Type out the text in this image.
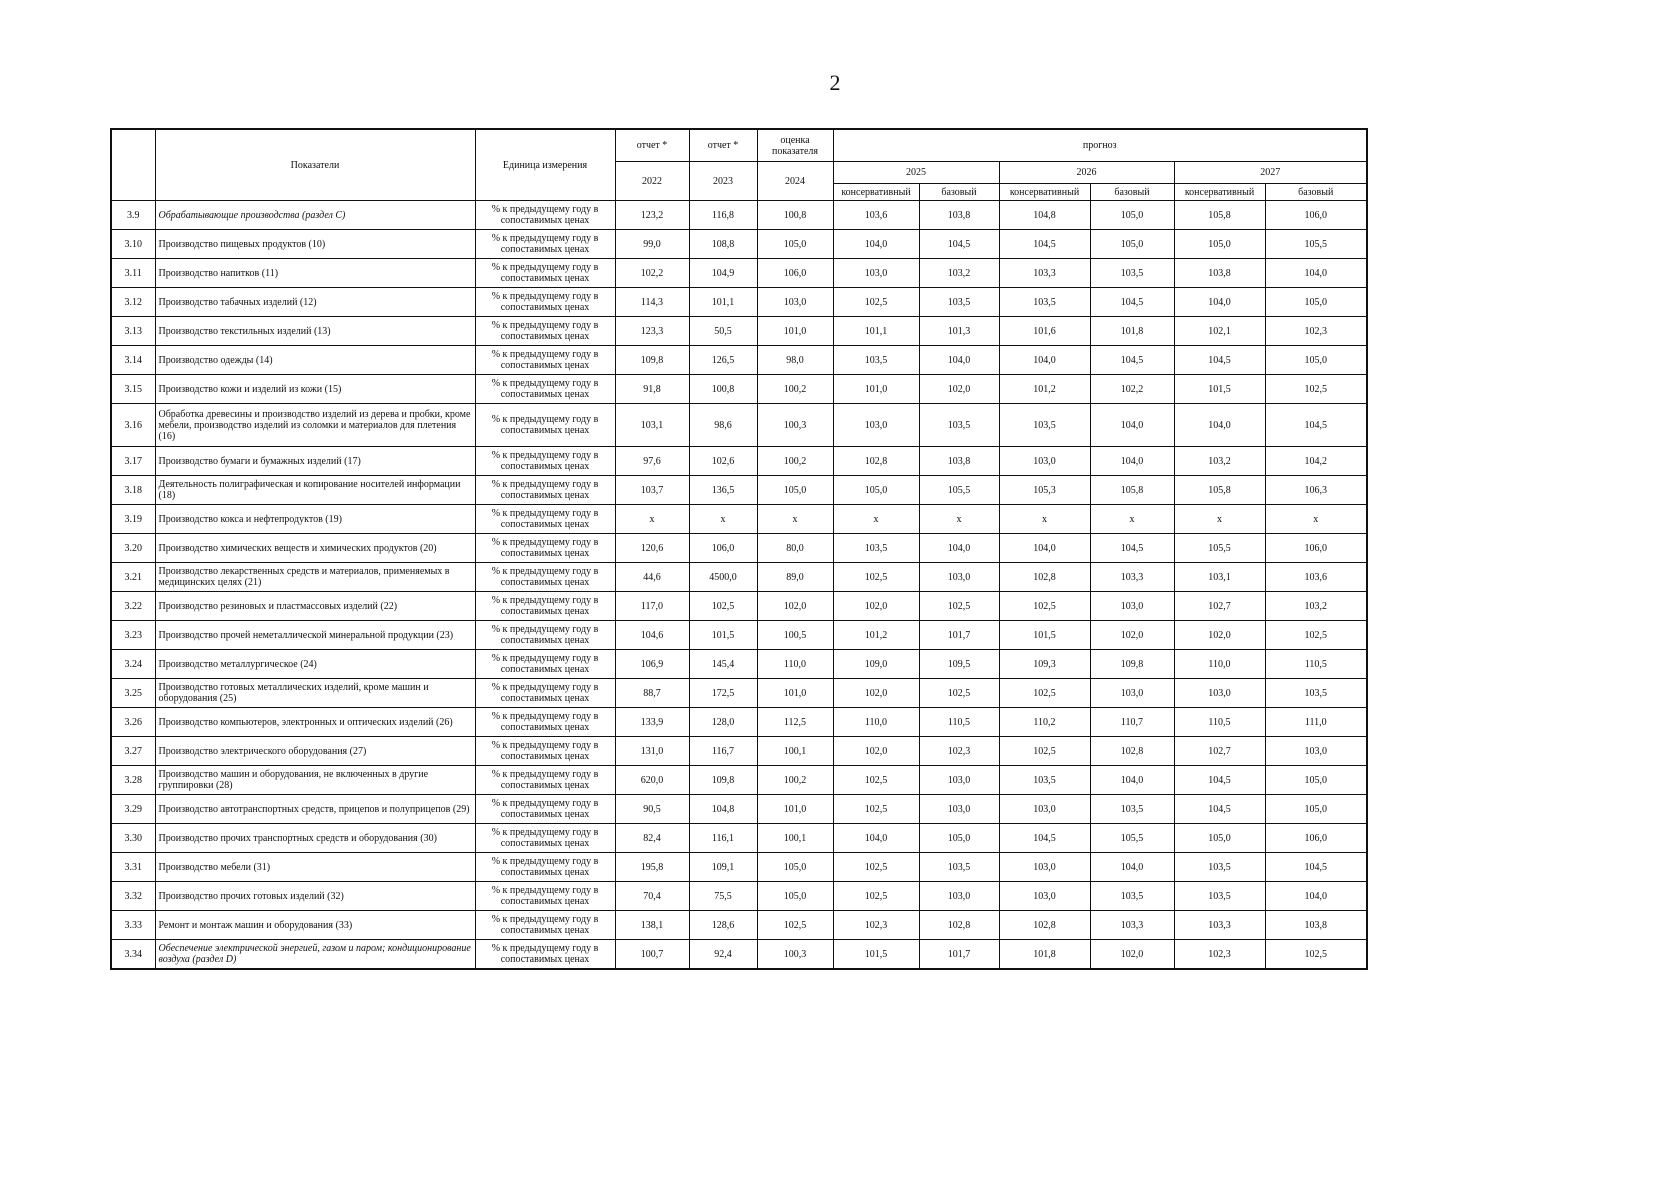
2
	Показатели	Единица измерения	отчет *	отчет *	оценка показателя	прогноз					
			2022	2023	2024	2025		2026		2027	
						консервативный	базовый	консервативный	базовый	консервативный	базовый
3.9	Обрабатывающие производства (раздел C)	% к предыдущему году в сопоставимых ценах	123,2	116,8	100,8	103,6	103,8	104,8	105,0	105,8	106,0
3.10	Производство пищевых продуктов (10)	% к предыдущему году в сопоставимых ценах	99,0	108,8	105,0	104,0	104,5	104,5	105,0	105,0	105,5
3.11	Производство напитков (11)	% к предыдущему году в сопоставимых ценах	102,2	104,9	106,0	103,0	103,2	103,3	103,5	103,8	104,0
3.12	Производство табачных изделий (12)	% к предыдущему году в сопоставимых ценах	114,3	101,1	103,0	102,5	103,5	103,5	104,5	104,0	105,0
3.13	Производство текстильных изделий (13)	% к предыдущему году в сопоставимых ценах	123,3	50,5	101,0	101,1	101,3	101,6	101,8	102,1	102,3
3.14	Производство одежды (14)	% к предыдущему году в сопоставимых ценах	109,8	126,5	98,0	103,5	104,0	104,0	104,5	104,5	105,0
3.15	Производство кожи и изделий из кожи (15)	% к предыдущему году в сопоставимых ценах	91,8	100,8	100,2	101,0	102,0	101,2	102,2	101,5	102,5
3.16	Обработка древесины и производство изделий из дерева и пробки, кроме мебели, производство изделий из соломки и материалов для плетения (16)	% к предыдущему году в сопоставимых ценах	103,1	98,6	100,3	103,0	103,5	103,5	104,0	104,0	104,5
3.17	Производство бумаги и бумажных изделий (17)	% к предыдущему году в сопоставимых ценах	97,6	102,6	100,2	102,8	103,8	103,0	104,0	103,2	104,2
3.18	Деятельность полиграфическая и копирование носителей информации (18)	% к предыдущему году в сопоставимых ценах	103,7	136,5	105,0	105,0	105,5	105,3	105,8	105,8	106,3
3.19	Производство кокса и нефтепродуктов (19)	% к предыдущему году в сопоставимых ценах	x	x	x	x	x	x	x	x	x
3.20	Производство химических веществ и химических продуктов (20)	% к предыдущему году в сопоставимых ценах	120,6	106,0	80,0	103,5	104,0	104,0	104,5	105,5	106,0
3.21	Производство лекарственных средств и материалов, применяемых в медицинских целях (21)	% к предыдущему году в сопоставимых ценах	44,6	4500,0	89,0	102,5	103,0	102,8	103,3	103,1	103,6
3.22	Производство резиновых и пластмассовых изделий (22)	% к предыдущему году в сопоставимых ценах	117,0	102,5	102,0	102,0	102,5	102,5	103,0	102,7	103,2
3.23	Производство прочей неметаллической минеральной продукции (23)	% к предыдущему году в сопоставимых ценах	104,6	101,5	100,5	101,2	101,7	101,5	102,0	102,0	102,5
3.24	Производство металлургическое (24)	% к предыдущему году в сопоставимых ценах	106,9	145,4	110,0	109,0	109,5	109,3	109,8	110,0	110,5
3.25	Производство готовых металлических изделий, кроме машин и оборудования (25)	% к предыдущему году в сопоставимых ценах	88,7	172,5	101,0	102,0	102,5	102,5	103,0	103,0	103,5
3.26	Производство компьютеров, электронных и оптических изделий (26)	% к предыдущему году в сопоставимых ценах	133,9	128,0	112,5	110,0	110,5	110,2	110,7	110,5	111,0
3.27	Производство электрического оборудования (27)	% к предыдущему году в сопоставимых ценах	131,0	116,7	100,1	102,0	102,3	102,5	102,8	102,7	103,0
3.28	Производство машин и оборудования, не включенных в другие группировки (28)	% к предыдущему году в сопоставимых ценах	620,0	109,8	100,2	102,5	103,0	103,5	104,0	104,5	105,0
3.29	Производство автотранспортных средств, прицепов и полуприцепов (29)	% к предыдущему году в сопоставимых ценах	90,5	104,8	101,0	102,5	103,0	103,0	103,5	104,5	105,0
3.30	Производство прочих транспортных средств и оборудования (30)	% к предыдущему году в сопоставимых ценах	82,4	116,1	100,1	104,0	105,0	104,5	105,5	105,0	106,0
3.31	Производство мебели (31)	% к предыдущему году в сопоставимых ценах	195,8	109,1	105,0	102,5	103,5	103,0	104,0	103,5	104,5
3.32	Производство прочих готовых изделий (32)	% к предыдущему году в сопоставимых ценах	70,4	75,5	105,0	102,5	103,0	103,0	103,5	103,5	104,0
3.33	Ремонт и монтаж машин и оборудования (33)	% к предыдущему году в сопоставимых ценах	138,1	128,6	102,5	102,3	102,8	102,8	103,3	103,3	103,8
3.34	Обеспечение электрической энергией, газом и паром; кондиционирование воздуха (раздел D)	% к предыдущему году в сопоставимых ценах	100,7	92,4	100,3	101,5	101,7	101,8	102,0	102,3	102,5
